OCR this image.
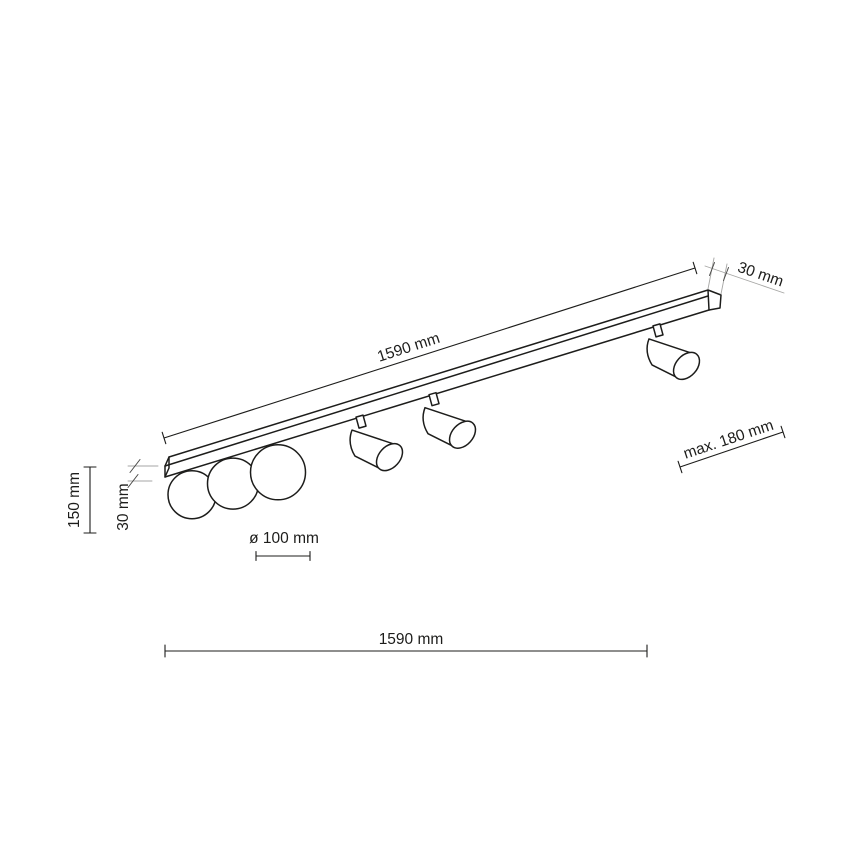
1590 mm
30 mm
max. 180 mm
150 mm 30 mm
ø 100 mm
1590 mm
